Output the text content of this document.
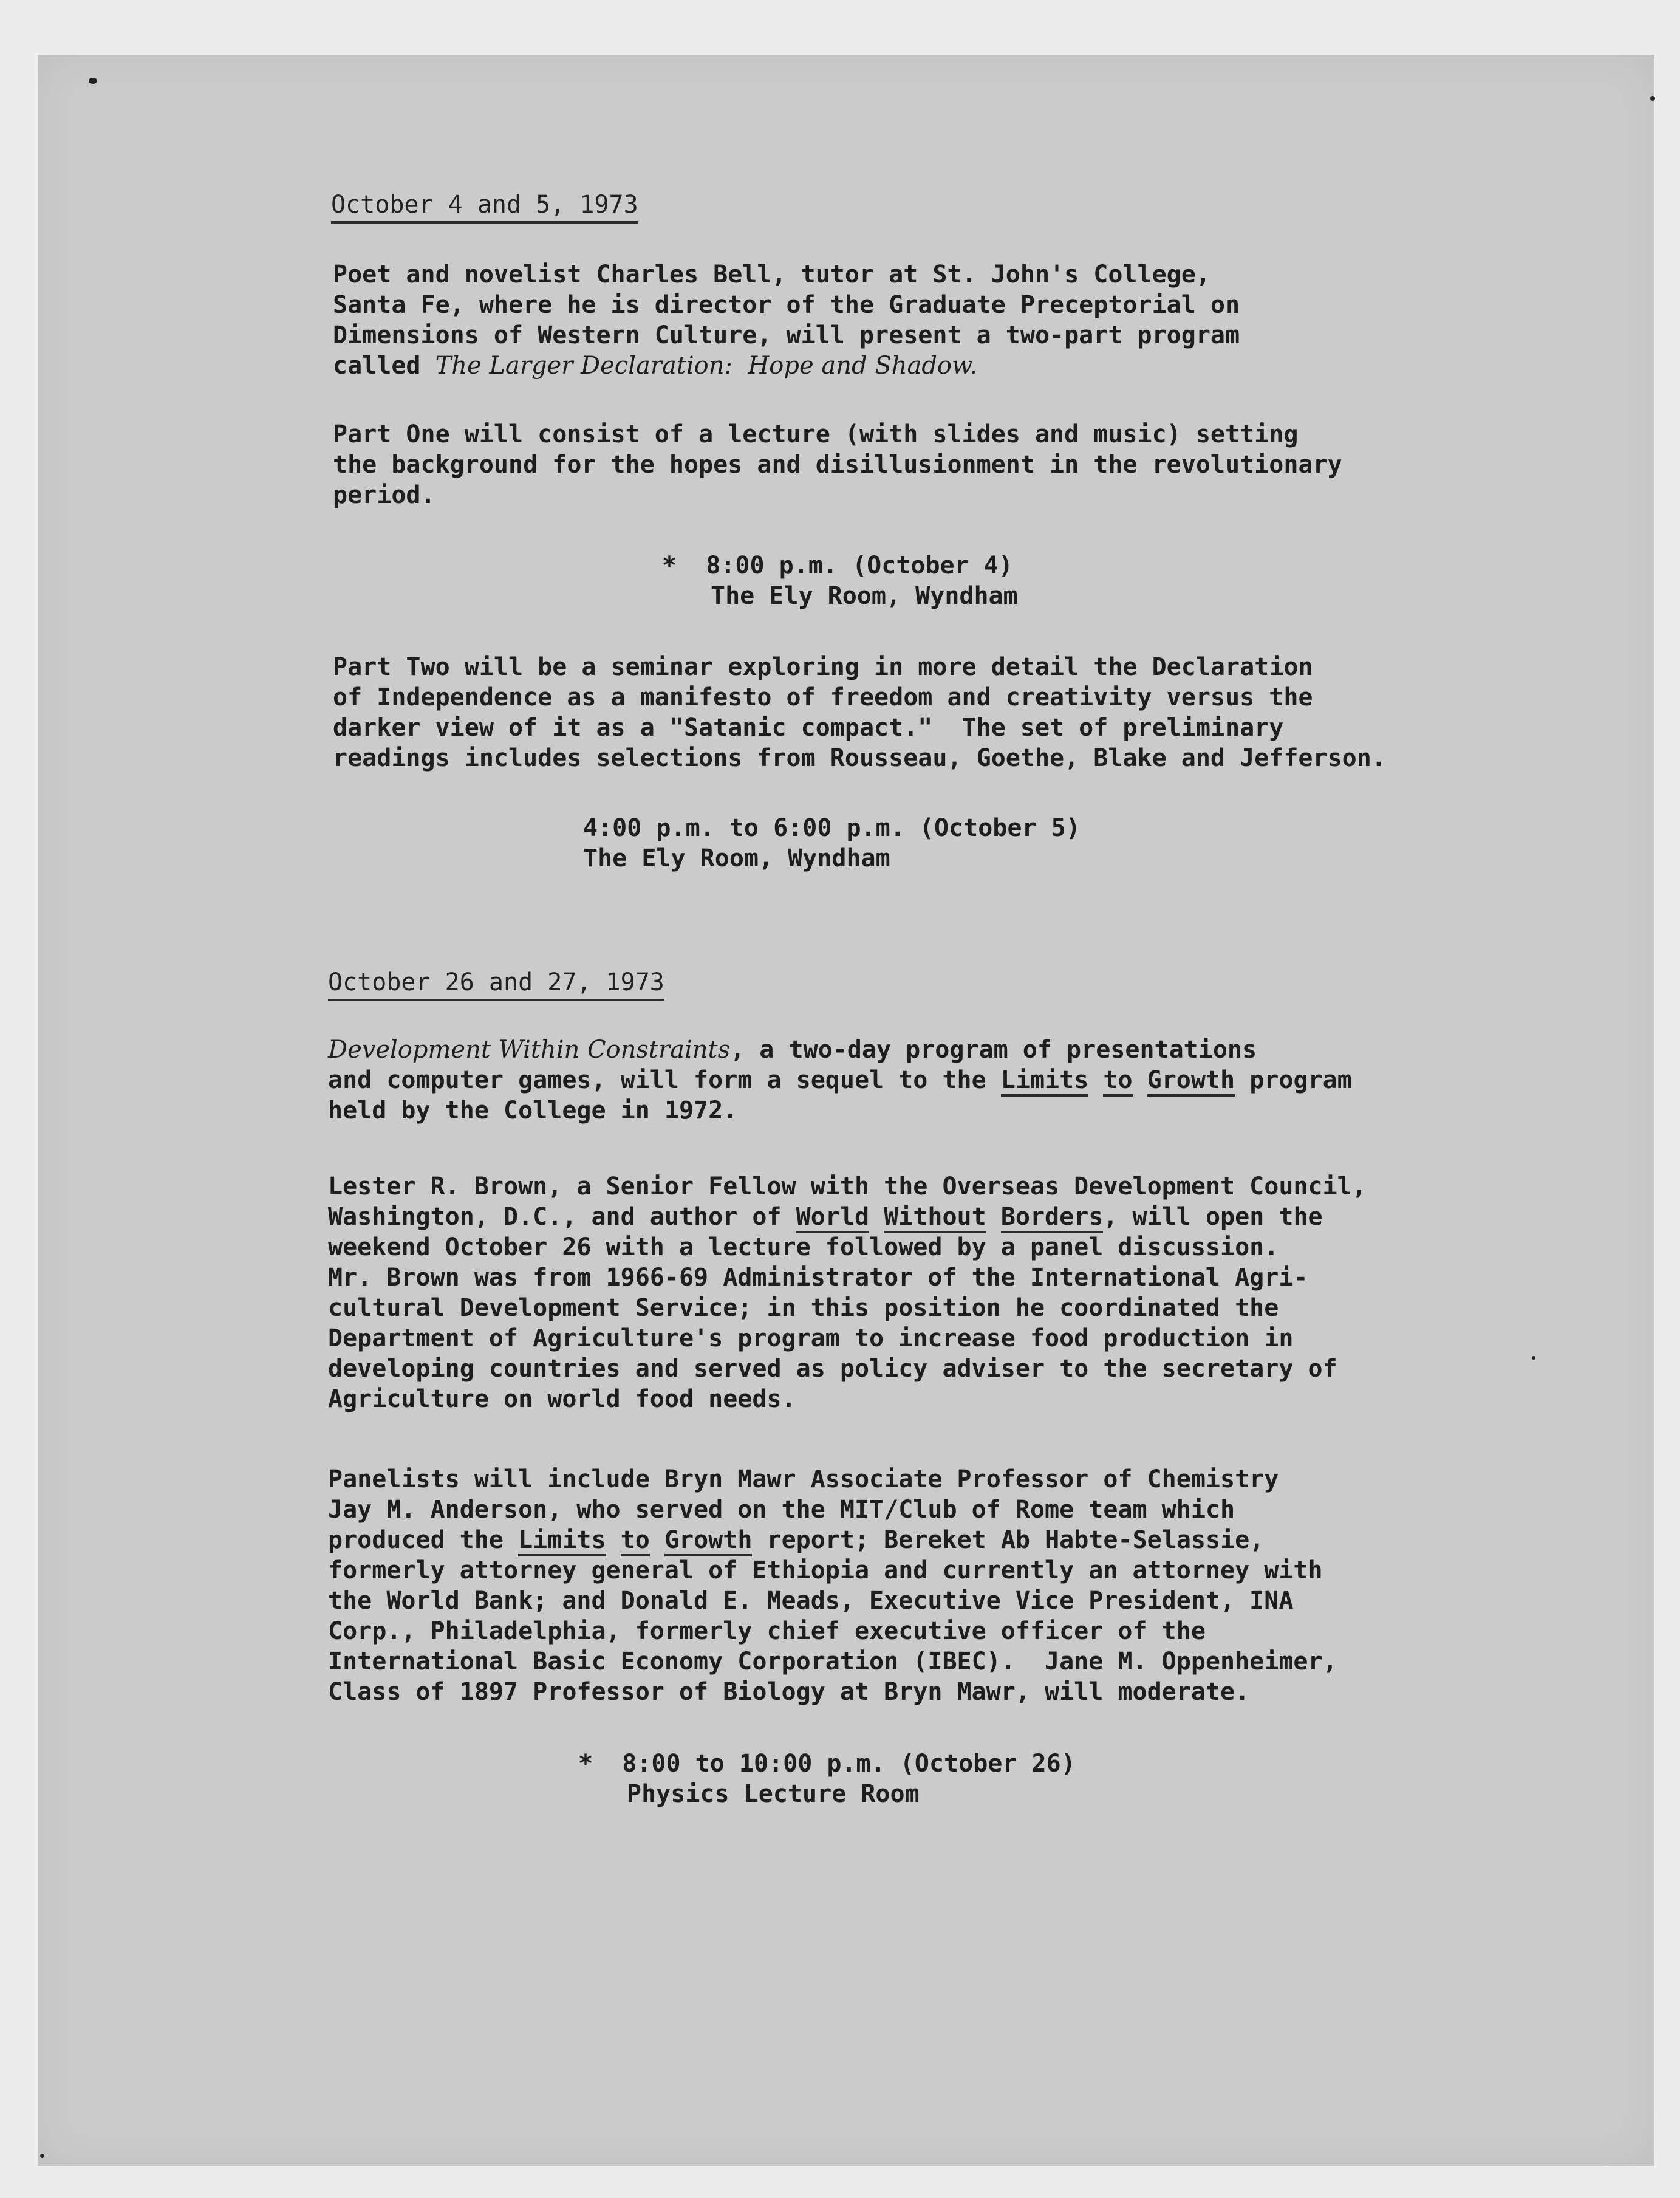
October 4 and 5, 1973
Poet and novelist Charles Bell, tutor at St. John's College,
Santa Fe, where he is director of the Graduate Preceptorial on
Dimensions of Western Culture, will present a two-part program
called The Larger Declaration:  Hope and Shadow.
Part One will consist of a lecture (with slides and music) setting
the background for the hopes and disillusionment in the revolutionary
period.
*  8:00 p.m. (October 4)
The Ely Room, Wyndham
Part Two will be a seminar exploring in more detail the Declaration
of Independence as a manifesto of freedom and creativity versus the
darker view of it as a "Satanic compact."  The set of preliminary
readings includes selections from Rousseau, Goethe, Blake and Jefferson.
4:00 p.m. to 6:00 p.m. (October 5)
The Ely Room, Wyndham
October 26 and 27, 1973
Development Within Constraints, a two-day program of presentations
and computer games, will form a sequel to the Limits to Growth program
held by the College in 1972.
Lester R. Brown, a Senior Fellow with the Overseas Development Council,
Washington, D.C., and author of World Without Borders, will open the
weekend October 26 with a lecture followed by a panel discussion.
Mr. Brown was from 1966-69 Administrator of the International Agri-
cultural Development Service; in this position he coordinated the
Department of Agriculture's program to increase food production in
developing countries and served as policy adviser to the secretary of
Agriculture on world food needs.
Panelists will include Bryn Mawr Associate Professor of Chemistry
Jay M. Anderson, who served on the MIT/Club of Rome team which
produced the Limits to Growth report; Bereket Ab Habte-Selassie,
formerly attorney general of Ethiopia and currently an attorney with
the World Bank; and Donald E. Meads, Executive Vice President, INA
Corp., Philadelphia, formerly chief executive officer of the
International Basic Economy Corporation (IBEC).  Jane M. Oppenheimer,
Class of 1897 Professor of Biology at Bryn Mawr, will moderate.
*  8:00 to 10:00 p.m. (October 26)
Physics Lecture Room
